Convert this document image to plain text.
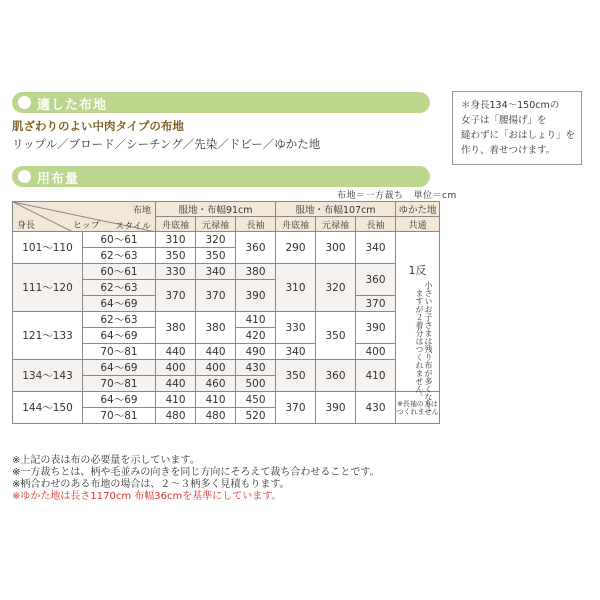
適した布地
肌ざわりのよい中肉タイプの布地
リップル／ブロード／シーチング／先染／ドビー／ゆかた地
＊身長134〜150cmの
女子は「腰揚げ」を
縫わずに「おはしょり」を
作り、着せつけます。
用布量
布地＝一方裁ち 単位＝cm
布地
身長 ヒップ スタイル		服地・布幅91cm			服地・布幅107cm			ゆかた地
		舟底袖	元禄袖	長袖	舟底袖	元禄袖	長袖	共通
101〜110	60〜61	310	320	360	290	300	340	1反
小さいお子さまは残り布が多くなりますが２着分はつくれません。

	62〜63	350	350					
111〜120	60〜61	330	340	380	310	320	360	
	62〜63	370	370	390				
	64〜69						370	
121〜133	62〜63	380	380	410	330	350	390	
	64〜69			420				
	70〜81	440	440	490	340		400	
134〜143	64〜69	400	400	430	350	360	410	
	70〜81	440	460	500				
144〜150	64〜69	410	410	450	370	390	430	※長袖の方はつくれません
	70〜81	480	480	520				
※上記の表は布の必要量を示しています。
※一方裁ちとは、柄や毛並みの向きを同じ方向にそろえて裁ち合わせることです。
※柄合わせのある布地の場合は、２〜３柄多く見積もります。
※ゆかた地は長さ1170cm 布幅36cmを基準にしています。
